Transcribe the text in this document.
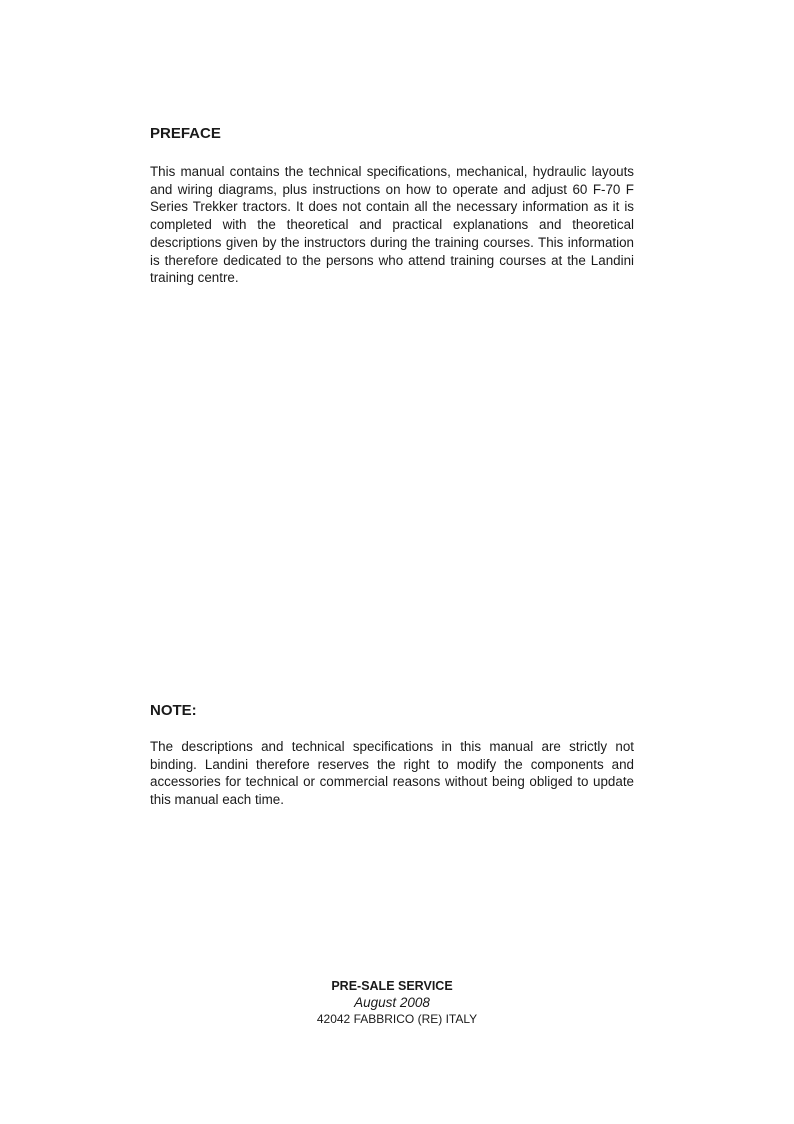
PREFACE

This manual contains the technical specifications, mechanical, hydraulic layouts and wiring diagrams, plus instructions on how to operate and adjust 60 F-70 F Series Trekker tractors. It does not contain all the necessary information as it is completed with the theoretical and practical explanations and theoretical descriptions given by the instructors during the training courses. This information is therefore dedicated to the persons who attend training courses at the Landini training centre.

NOTE:

The descriptions and technical specifications in this manual are strictly not binding. Landini therefore reserves the right to modify the components and accessories for technical or commercial reasons without being obliged to update this manual each time.

PRE-SALE SERVICE

August 2008

42042 FABBRICO (RE) ITALY
